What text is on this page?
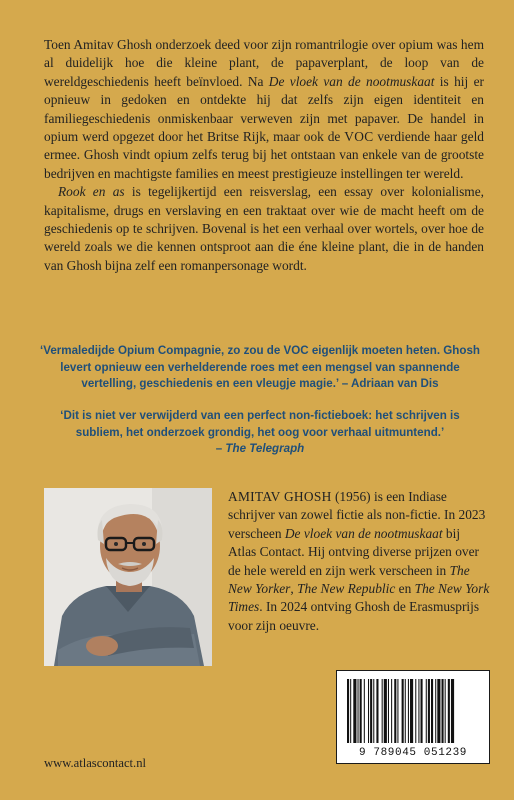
Toen Amitav Ghosh onderzoek deed voor zijn romantrilogie over opium was hem al duidelijk hoe die kleine plant, de papaverplant, de loop van de wereldgeschiedenis heeft beïnvloed. Na De vloek van de nootmuskaat is hij er opnieuw in gedoken en ontdekte hij dat zelfs zijn eigen identiteit en familiegeschiedenis onmiskenbaar verweven zijn met papaver. De handel in opium werd opgezet door het Britse Rijk, maar ook de VOC verdiende haar geld ermee. Ghosh vindt opium zelfs terug bij het ontstaan van enkele van de grootste bedrijven en machtigste families en meest prestigieuze instellingen ter wereld.

Rook en as is tegelijkertijd een reisverslag, een essay over kolonialisme, kapitalisme, drugs en verslaving en een traktaat over wie de macht heeft om de geschiedenis op te schrijven. Bovenal is het een verhaal over wortels, over hoe de wereld zoals we die kennen ontsproot aan die éne kleine plant, die in de handen van Ghosh bijna zelf een romanpersonage wordt.

‘Vermaledijde Opium Compagnie, zo zou de VOC eigenlijk moeten heten. Ghosh
levert opnieuw een verhelderende roes met een mengsel van spannende
vertelling, geschiedenis en een vleugje magie.’ – Adriaan van Dis
‘Dit is niet ver verwijderd van een perfect non-fictieboek: het schrijven is
subliem, het onderzoek grondig, het oog voor verhaal uitmuntend.’
– The Telegraph
AMITAV GHOSH (1956) is een Indiase schrijver van zowel fictie als non-fictie. In 2023 verscheen De vloek van de nootmuskaat bij Atlas Contact. Hij ontving diverse prijzen over de hele wereld en zijn werk verscheen in The New Yorker, The New Republic en The New York Times. In 2024 ontving Ghosh de Erasmusprijs voor zijn oeuvre.
9 789045 051239
www.atlascontact.nl
